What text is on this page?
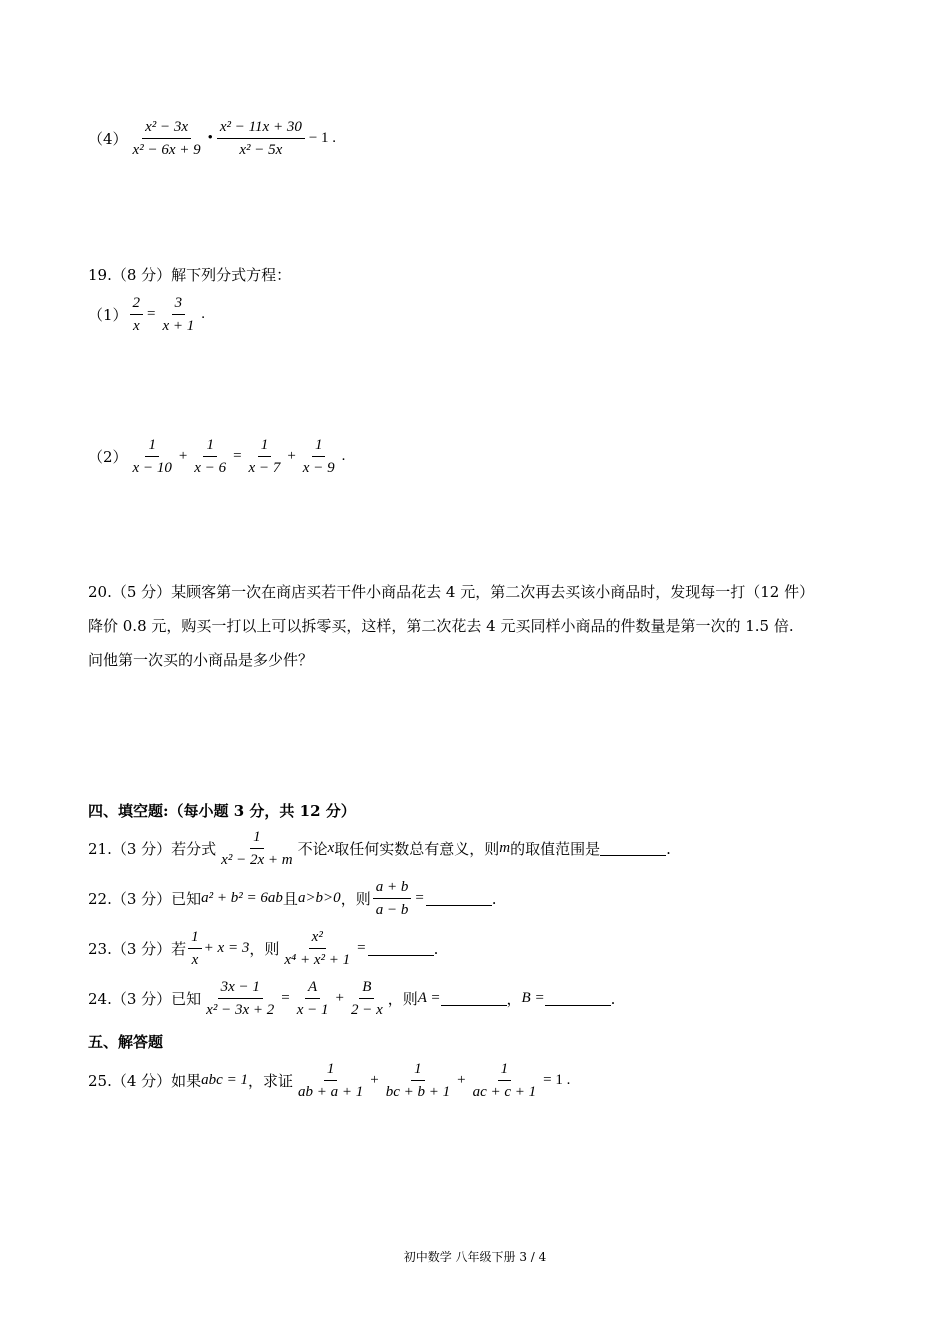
$(4) \frac{\text{x² − 3x}}{\text{x² − 6x + 9}}$ • $\frac{\text{x² − 11x + 30}}{\text{x² − 5x}} - 1$ .
19.（8 分）解下列分式方程：
$(1) \frac{2}{x} = \frac{3}{x + 1}$ .
$(2) \frac{1}{x - 10} + \frac{1}{x - 6} = \frac{1}{x - 7} + \frac{1}{x - 9}$ .
20.（5 分）某顾客第一次在商店买若干件小商品花去 4 元，第二次再去买该小商品时，发现每一打（12 件）
降价 0.8 元，购买一打以上可以拆零买，这样，第二次花去 4 元买同样小商品的件数量是第一次的 1.5 倍.
问他第一次买的小商品是多少件？
四、填空题:（每小题 3 分，共 12 分）
21.（3 分）若分式 $\frac{1}{\text{x² − 2x + m}}$ 不论 x 取任何实数总有意义，则 m 的取值范围是	.
22.（3 分）已知 a² + b² = 6ab 且 a>b>0 ，则 $\frac{a + b}{a - b}$ =	.
23.（3 分）若 $\frac{1}{x} + x = 3$ ，则 $\frac{\text{x²}}{\text{x⁴ + x² + 1}}$ =	.
24.（3 分）已知 $\frac{3x - 1}{\text{x² − 3x + 2}} = \frac{A}{x - 1} + \frac{B}{2 - x}$ ，则 A =	， B =	.
五、解答题
25.（4 分）如果 abc = 1 ，求证 $\frac{1}{ab + a + 1} + \frac{1}{bc + b + 1} + \frac{1}{ac + c + 1} = 1$ .
初中数学 八年级下册 3 / 4
